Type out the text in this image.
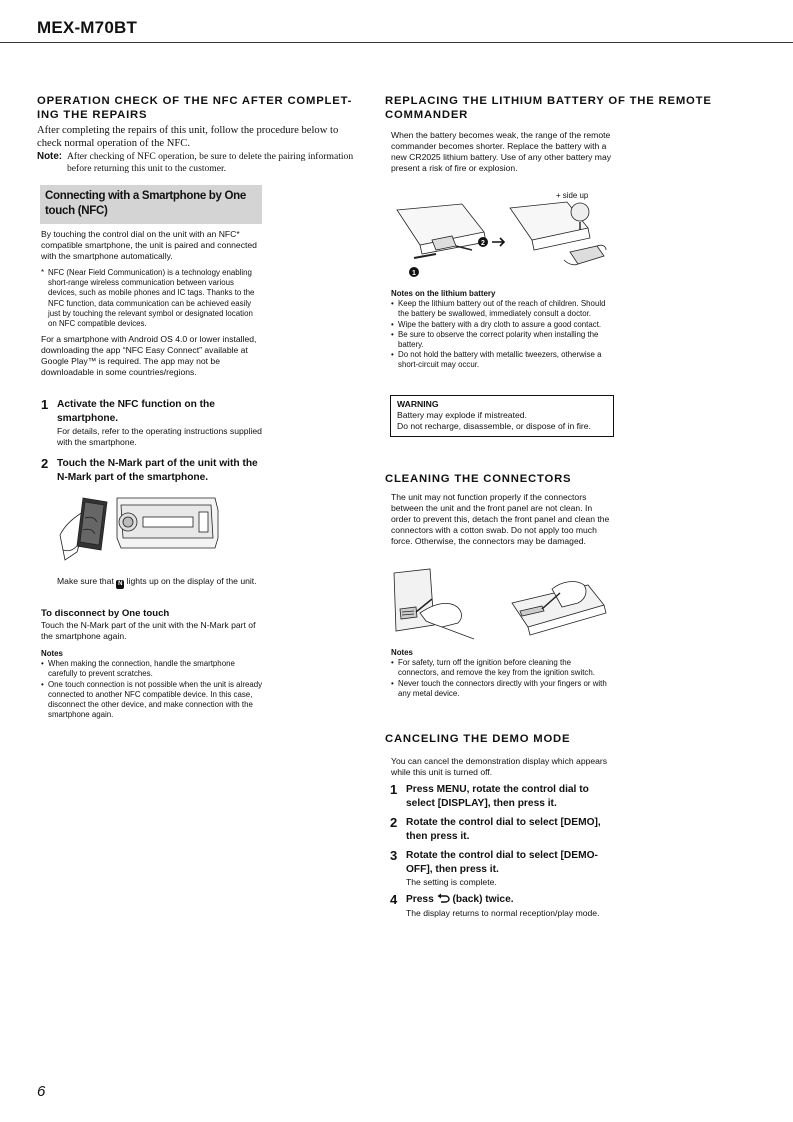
MEX-M70BT
OPERATION CHECK OF THE NFC AFTER COMPLET-
ING THE REPAIRS
After completing the repairs of this unit, follow the procedure below to check normal operation of the NFC.
Note: After checking of NFC operation, be sure to delete the pairing information before returning this unit to the customer.
Connecting with a Smartphone by One touch (NFC)
By touching the control dial on the unit with an NFC* compatible smartphone, the unit is paired and connected with the smartphone automatically.
* NFC (Near Field Communication) is a technology enabling short-range wireless communication between various devices, such as mobile phones and IC tags. Thanks to the NFC function, data communication can be achieved easily just by touching the relevant symbol or designated location on NFC compatible devices.
For a smartphone with Android OS 4.0 or lower installed, downloading the app “NFC Easy Connect” available at Google Play™ is required. The app may not be downloadable in some countries/regions.
1 Activate the NFC function on the smartphone.
For details, refer to the operating instructions supplied with the smartphone.
2 Touch the N-Mark part of the unit with the N-Mark part of the smartphone.
Make sure that N lights up on the display of the unit.
To disconnect by One touch
Touch the N-Mark part of the unit with the N-Mark part of the smartphone again.
Notes
• When making the connection, handle the smartphone carefully to prevent scratches.
• One touch connection is not possible when the unit is already connected to another NFC compatible device. In this case, disconnect the other device, and make connection with the smartphone again.
REPLACING THE LITHIUM BATTERY OF THE REMOTE
COMMANDER
When the battery becomes weak, the range of the remote commander becomes shorter. Replace the battery with a new CR2025 lithium battery. Use of any other battery may present a risk of fire or explosion.
2
1
+ side up
Notes on the lithium battery
• Keep the lithium battery out of the reach of children. Should the battery be swallowed, immediately consult a doctor.
• Wipe the battery with a dry cloth to assure a good contact.
• Be sure to observe the correct polarity when installing the battery.
• Do not hold the battery with metallic tweezers, otherwise a short-circuit may occur.
WARNING
Battery may explode if mistreated.
Do not recharge, disassemble, or dispose of in fire.
CLEANING THE CONNECTORS
The unit may not function properly if the connectors between the unit and the front panel are not clean. In order to prevent this, detach the front panel and clean the connectors with a cotton swab. Do not apply too much force. Otherwise, the connectors may be damaged.
Notes
• For safety, turn off the ignition before cleaning the connectors, and remove the key from the ignition switch.
• Never touch the connectors directly with your fingers or with any metal device.
CANCELING THE DEMO MODE
You can cancel the demonstration display which appears while this unit is turned off.
1 Press MENU, rotate the control dial to select [DISPLAY], then press it.
2 Rotate the control dial to select [DEMO], then press it.
3 Rotate the control dial to select [DEMO-OFF], then press it.
The setting is complete.
4 Press (back) twice.
The display returns to normal reception/play mode.
6
